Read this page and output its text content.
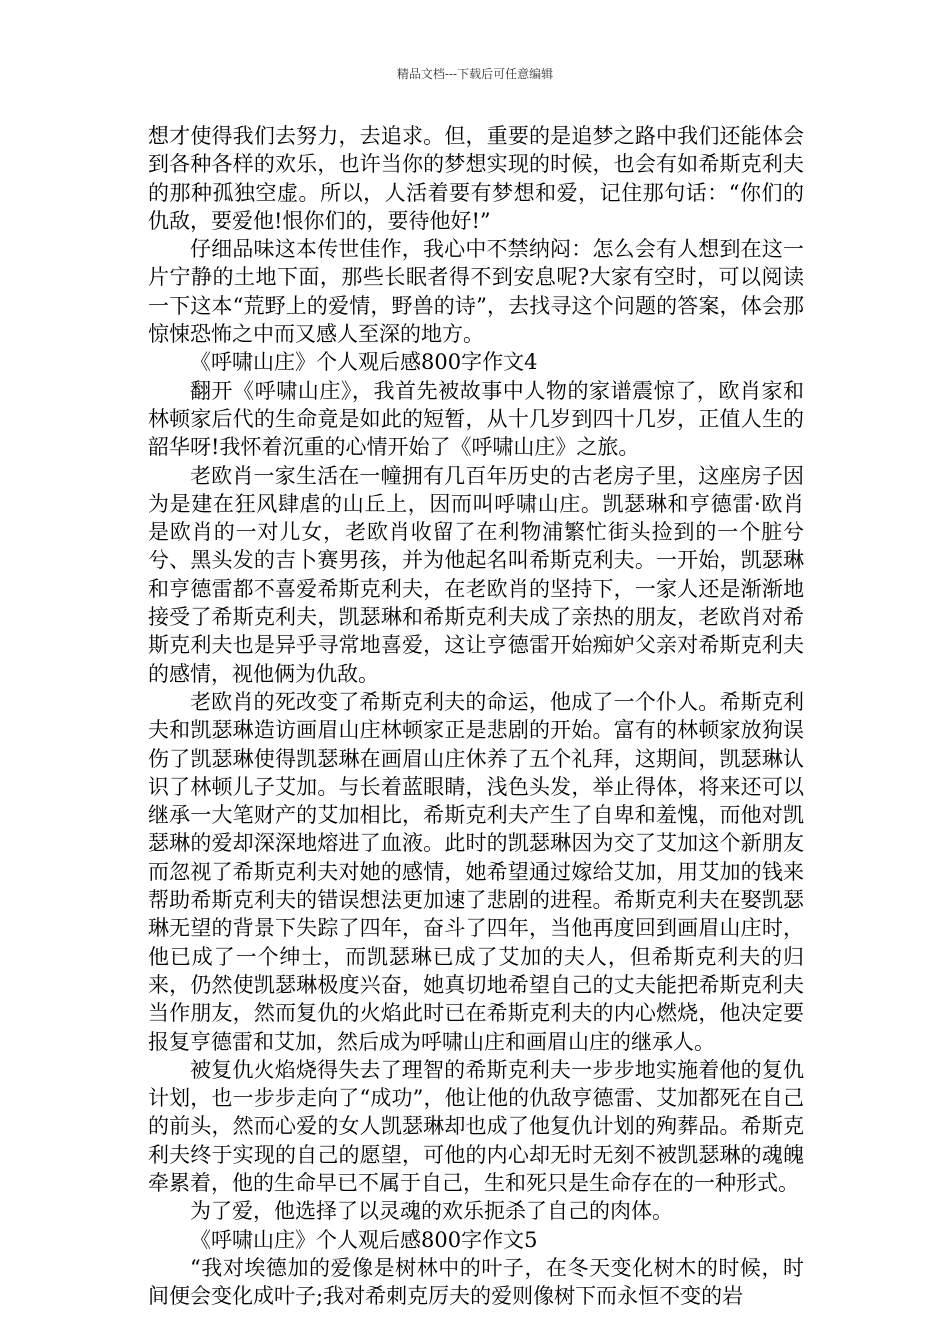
精品文档---下载后可任意编辑

想才使得我们去努力，去追求。但，重要的是追梦之路中我们还能体会到各种各样的欢乐，也许当你的梦想实现的时候，也会有如希斯克利夫的那种孤独空虚。所以，人活着要有梦想和爱，记住那句话：“你们的仇敌，要爱他!恨你们的，要待他好!”

仔细品味这本传世佳作，我心中不禁纳闷：怎么会有人想到在这一片宁静的土地下面，那些长眠者得不到安息呢?大家有空时，可以阅读一下这本“荒野上的爱情，野兽的诗”，去找寻这个问题的答案，体会那惊悚恐怖之中而又感人至深的地方。

《呼啸山庄》个人观后感800字作文4

翻开《呼啸山庄》，我首先被故事中人物的家谱震惊了，欧肖家和林顿家后代的生命竟是如此的短暂，从十几岁到四十几岁，正值人生的韶华呀!我怀着沉重的心情开始了《呼啸山庄》之旅。

老欧肖一家生活在一幢拥有几百年历史的古老房子里，这座房子因为是建在狂风肆虐的山丘上，因而叫呼啸山庄。凯瑟琳和亨德雷·欧肖是欧肖的一对儿女，老欧肖收留了在利物浦繁忙街头捡到的一个脏兮兮、黑头发的吉卜赛男孩，并为他起名叫希斯克利夫。一开始，凯瑟琳和亨德雷都不喜爱希斯克利夫，在老欧肖的坚持下，一家人还是渐渐地接受了希斯克利夫，凯瑟琳和希斯克利夫成了亲热的朋友，老欧肖对希斯克利夫也是异乎寻常地喜爱，这让亨德雷开始痴妒父亲对希斯克利夫的感情，视他俩为仇敌。

老欧肖的死改变了希斯克利夫的命运，他成了一个仆人。希斯克利夫和凯瑟琳造访画眉山庄林顿家正是悲剧的开始。富有的林顿家放狗误伤了凯瑟琳使得凯瑟琳在画眉山庄休养了五个礼拜，这期间，凯瑟琳认识了林顿儿子艾加。与长着蓝眼睛，浅色头发，举止得体，将来还可以继承一大笔财产的艾加相比，希斯克利夫产生了自卑和羞愧，而他对凯瑟琳的爱却深深地熔进了血液。此时的凯瑟琳因为交了艾加这个新朋友而忽视了希斯克利夫对她的感情，她希望通过嫁给艾加，用艾加的钱来帮助希斯克利夫的错误想法更加速了悲剧的进程。希斯克利夫在娶凯瑟琳无望的背景下失踪了四年，奋斗了四年，当他再度回到画眉山庄时，他已成了一个绅士，而凯瑟琳已成了艾加的夫人，但希斯克利夫的归来，仍然使凯瑟琳极度兴奋，她真切地希望自己的丈夫能把希斯克利夫当作朋友，然而复仇的火焰此时已在希斯克利夫的内心燃烧，他决定要报复亨德雷和艾加，然后成为呼啸山庄和画眉山庄的继承人。

被复仇火焰烧得失去了理智的希斯克利夫一步步地实施着他的复仇计划，也一步步走向了“成功”，他让他的仇敌亨德雷、艾加都死在自己的前头，然而心爱的女人凯瑟琳却也成了他复仇计划的殉葬品。希斯克利夫终于实现的自己的愿望，可他的内心却无时无刻不被凯瑟琳的魂魄牵累着，他的生命早已不属于自己，生和死只是生命存在的一种形式。

为了爱，他选择了以灵魂的欢乐扼杀了自己的肉体。

《呼啸山庄》个人观后感800字作文5

“我对埃德加的爱像是树林中的叶子，在冬天变化树木的时候，时间便会变化成叶子;我对希刺克厉夫的爱则像树下而永恒不变的岩
